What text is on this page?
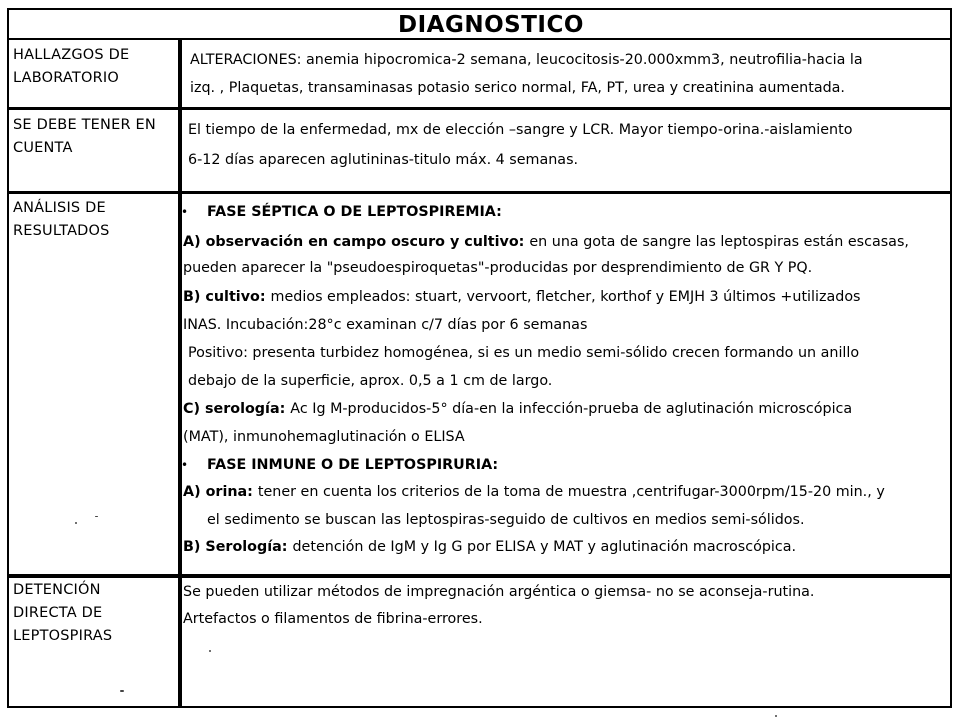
DIAGNOSTICO
HALLAZGOS DE
LABORATORIO
SE DEBE TENER EN
CUENTA
ANÁLISIS DE
RESULTADOS
DETENCIÓN
DIRECTA DE
LEPTOSPIRAS
ALTERACIONES: anemia hipocromica-2 semana, leucocitosis-20.000xmm3, neutrofilia-hacia la
izq. , Plaquetas, transaminasas potasio serico normal, FA, PT, urea y creatinina aumentada.
El tiempo de la enfermedad, mx de elección –sangre y LCR. Mayor tiempo-orina.-aislamiento
6-12 días aparecen aglutininas-titulo máx. 4 semanas.
FASE SÉPTICA O DE LEPTOSPIREMIA:
•
A) observación en campo oscuro y cultivo: en una gota de sangre las leptospiras están escasas,
pueden aparecer la "pseudoespiroquetas"-producidas por desprendimiento de GR Y PQ.
B) cultivo: medios empleados: stuart, vervoort, fletcher, korthof y EMJH 3 últimos +utilizados
INAS. Incubación:28°c examinan c/7 días por 6 semanas
Positivo: presenta turbidez homogénea, si es un medio semi-sólido crecen formando un anillo
debajo de la superficie, aprox. 0,5 a 1 cm de largo.
C) serología: Ac Ig M-producidos-5° día-en la infección-prueba de aglutinación microscópica
(MAT), inmunohemaglutinación o ELISA
FASE INMUNE O DE LEPTOSPIRURIA:
•
A) orina: tener en cuenta los criterios de la toma de muestra ,centrifugar-3000rpm/15-20 min., y
el sedimento se buscan las leptospiras-seguido de cultivos en medios semi-sólidos.
B) Serología: detención de IgM y Ig G por ELISA y MAT y aglutinación macroscópica.
Se pueden utilizar métodos de impregnación argéntica o giemsa- no se aconseja-rutina.
Artefactos o filamentos de fibrina-errores.
